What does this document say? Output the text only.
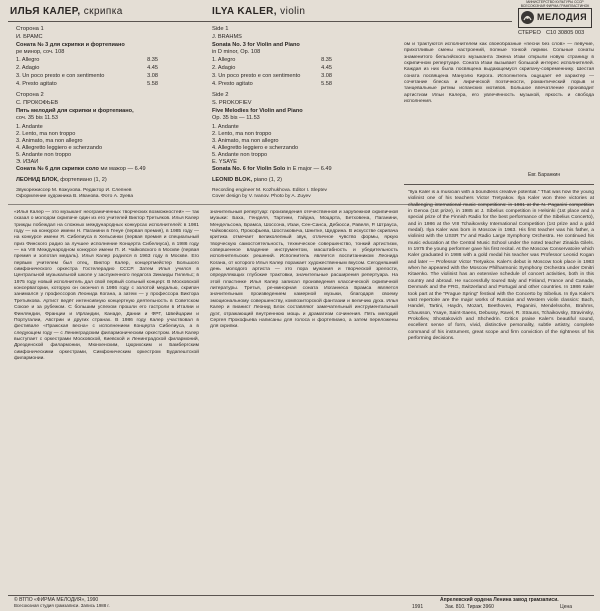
ИЛЬЯ КАЛЕР, скрипка	ILYA KALER, violin
МИНИСТЕРСТВО КУЛЬТУРЫ СССР ВСЕСОЮЗНАЯ ФИРМА ГРАМПЛАСТИНОК
МЕЛОДИЯ
СТЕРЕО С10 30805 003
Сторона 1
И. БРАМС
Соната № 3 для скрипки и фортепиано
ре минор, соч. 108
1. Allegro	8.35
2. Adagio	4.45
3. Un poco presto e con sentimento	3.08
4. Presto agitato	5.58
Сторона 2
С. ПРОКОФЬЕВ
Пять мелодий для скрипки и фортепиано,
соч. 35 bis 11.53
1. Andante
2. Lento, ma non troppo
3. Animato, ma non allegro
4. Allegretto leggiero e scherzando
5. Andante non troppo
Э. ИЗАИ
Соната № 6 для скрипки соло ми мажор — 6.49
ЛЕОНИД БЛОК, фортепиано (1, 2)
Звукорежиссер М. Кожухова. Редактор И. Слепнев
Оформление художника В. Иванова. Фото А. Зуева
Side 1
J. BRAHMS
Sonata No. 3 for Violin and Piano
in D minor, Op. 108
1. Allegro	8.35
2. Adagio	4.45
3. Un poco presto e con sentimento	3.08
4. Presto agitato	5.58
Side 2
S. PROKOFIEV
Five Melodies for Violin and Piano
Op. 35 bis — 11.53
1. Andante
2. Lento, ma non troppo
3. Animato, ma non allegro
4. Allegretto leggiero e scherzando
5. Andante non troppo
E. YSAYE
Sonata No. 6 for Violin Solo in E major — 6.49
LEONID BLOK, piano (1, 2)
Recording engineer M. Kozhukhova. Editor I. Sleptev
Cover design by V. Ivanov. Photo by A. Zuyev
ом и трактуются исполнителем как своеобразные «песни без слов» — певучие, прихотливые смены настроений, полные тонкой лирики. Сольные сонаты знаменитого бельгийского музыканта Эжена Изаи открыли новую страницу в скрипичном репертуаре. Соната Изаи вызывает большой интерес исполнителей. Каждая из них была посвящена выдающемуся скрипачу-современнику. Шестая соната посвящена Мануэлю Кирога. Исполнитель ощущает её характер — сочетание блеска и лирической поэтичности, романтический порыв и танцевальные ритмы испанских мотивов. Большое впечатление производит артистизм Ильи Калера, его увлечённость музыкой, яркость и свобода исполнения.
Евг. Баранкин
«Илья Калер — это музыкант неограниченных творческих возможностей» — так сказал о молодом скрипаче один из его учителей Виктор Третьяков. Илья Калер трижды побеждал на сложных международных конкурсах исполнителей: в 1981 году — на конкурсе имени Н. Паганини в Генуе (первая премия), в 1985 году — на конкурсе имени Я. Сибелиуса в Хельсинки (первая премия и специальный приз Финского радио за лучшее исполнение Концерта Сибелиуса), в 1986 году — на VIII Международном конкурсе имени П. И. Чайковского в Москве (первая премия и золотая медаль). Илья Калер родился в 1963 году в Москве. Его первым учителем был отец, Виктор Калер, концертмейстер Большого симфонического оркестра Гостелерадио СССР. Затем Илья учился в Центральной музыкальной школе у заслуженного педагога Зинаиды Гилельс; в 1975 году новый исполнитель дал свой первый сольный концерт. В Московской консерватории, которую он окончил в 1986 году с золотой медалью, скрипач занимался у профессоров Леонида Когана, а затем — у профессора Виктора Третьякова. Артист ведёт интенсивную концертную деятельность в Советском Союзе и за рубежом. С большим успехом прошли его гастроли в Италии и Финляндии, Франции и Ирландии, Канаде, Дании и ФРГ, Швейцарии и Португалии, Австрии и других странах. В 1986 году Калер участвовал в фестивале «Пражская весна» с исполнением Концерта Сибелиуса, а в следующем году — с Ленинградским филармоническим оркестром. Илья Калер выступает с оркестрами Московской, Киевской и Ленинградской филармоний, Дрезденской филармонии, Мюнхенским, Цюрихским и Бамбергским симфоническими оркестрами, Симфоническим оркестром Будапештской филармонии.
значительный репертуар: произведения отечественной и зарубежной скрипичной музыки: Баха, Генделя, Тартини, Гайдна, Моцарта, Бетховена, Паганини, Мендельсона, Брамса, Шоссона, Изаи, Сен-Санса, Дебюсси, Равеля, Р. Штрауса, Чайковского, Прокофьева, Шостаковича, Шнитке, Щедрина. В искусстве скрипача критика отмечает великолепный звук, отличное чувство формы, яркую творческую самостоятельность, техническое совершенство, тонкий артистизм, совершенное владение инструментом, масштабность и убедительность исполнительских решений. Исполнитель является воспитанником Леонида Когана, от которого Илья Калер поражает художественным вкусом. Сегодняшний день молодого артиста — это пора мужания и творческой зрелости, определяющих глубокие трактовки, значительные расширения репертуара. На этой пластинке Илья Калер записал произведения классической скрипичной литературы. Третья, ре-минорная соната Иоганнеса Брамса является значительным произведением камерной музыки, благодаря своему эмоциональному совершенству, композиторской фантазии и величию духа. Илья Калер и пианист Леонид Блок составляют замечательный инструментальный дуэт, отражающий внутреннюю мощь и драматизм сочинения. Пять мелодий Сергея Прокофьева написаны для голоса и фортепиано, а затем переложены для скрипки.
"Ilya Kaler is a musician with a boundless creative potential." That was how the young violinist one of his teachers Victor Tretyakov. Ilya Kaler won three victories at challenging international music competitions: in 1981 at the N. Paganini competition in Genoa (1st prize), in 1985 at J. Sibelius competition in Helsinki (1st place and a special prize of the Finnish Radio for the best performance of the Sibelius Concerto), and in 1986 at the VIII Tchaikovsky International Competition (1st prize and a gold medal). Ilya Kaler was born in Moscow in 1963. His first teacher was his father, a violinist with the USSR TV and Radio Large Symphony Orchestra. He continued his music education at the Central Music School under the noted teacher Zinaida Gilels. In 1975 the young performer gave his first recital. At the Moscow Conservatoire which Kaler graduated in 1986 with a gold medal his teacher was Professor Leonid Kogan and later — Professor Victor Tretyakov. Kaler's debut in Moscow took place in 1983 when he appeared with the Moscow Philharmonic Symphony Orchestra under Dmitri Kitaenko. The violinist has an extensive schedule of concert activities, both in this country and abroad. He successfully toured Italy and Finland, France and Canada, Denmark and the FRG, Switzerland and Portugal and other countries. In 1986 Kaler took part at the "Prague Spring" festival with the Concerto by Sibelius. In Ilya Kaler's vast repertoire are the major works of Russian and Western violin classics: Bach, Handel, Tartini, Haydn, Mozart, Beethoven, Paganini, Mendelssohn, Brahms, Chausson, Ysaye, Saint-Saens, Debussy, Ravel, R. Strauss, Tchaikovsky, Stravinsky, Prokofiev, Shostakovich and Shchedrin. Critics praise Kaler's beautiful sound, excellent sense of form, vivid, distinctive personality, subtle artistry, complete command of his instrument, great scope and firm conviction of the rightness of his performing decisions.
© ВТПО «ФИРМА МЕЛОДИЯ», 1990
Всесоюзная студия грамзаписи. Запись 1988 г.
Апрелевский ордена Ленина завод грамзаписи.
1991	Зак. 810. Тираж 3960	Цена
